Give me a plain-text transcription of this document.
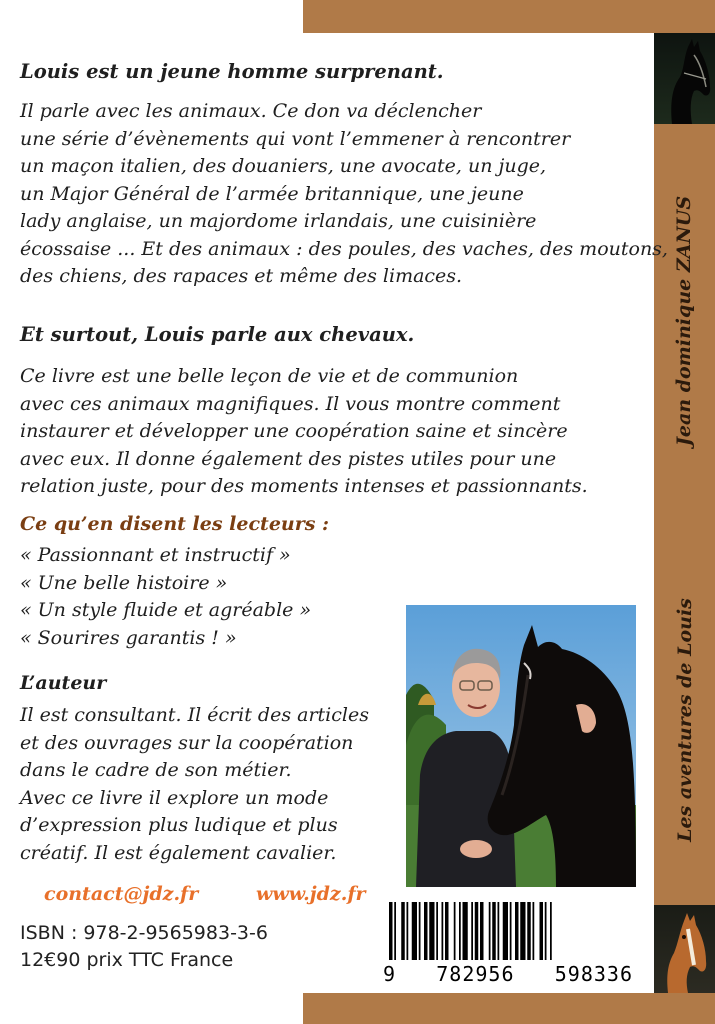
Jean dominique ZANUS
Les aventures de Louis
Louis est un jeune homme surprenant.
Il parle avec les animaux. Ce don va déclencher
une série d’évènements qui vont l’emmener à rencontrer
un maçon italien, des douaniers, une avocate, un juge,
un Major Général de l’armée britannique, une jeune
lady anglaise, un majordome irlandais, une cuisinière
écossaise ... Et des animaux : des poules, des vaches, des moutons,
des chiens, des rapaces et même des limaces.
Et surtout, Louis parle aux chevaux.
Ce livre est une belle leçon de vie et de communion
avec ces animaux magnifiques. Il vous montre comment
instaurer et développer une coopération saine et sincère
avec eux. Il donne également des pistes utiles pour une
relation juste, pour des moments intenses et passionnants.
Ce qu’en disent les lecteurs :
« Passionnant et instructif »
« Une belle histoire »
« Un style fluide et agréable »
« Sourires garantis ! »
L’auteur
Il est consultant. Il écrit des articles
et des ouvrages sur la coopération
dans le cadre de son métier.
Avec ce livre il explore un mode
d’expression plus ludique et plus
créatif. Il est également cavalier.
contact@jdz.fr	www.jdz.fr
ISBN : 978-2-9565983-3-6
12€90 prix TTC France
9 782956 598336
